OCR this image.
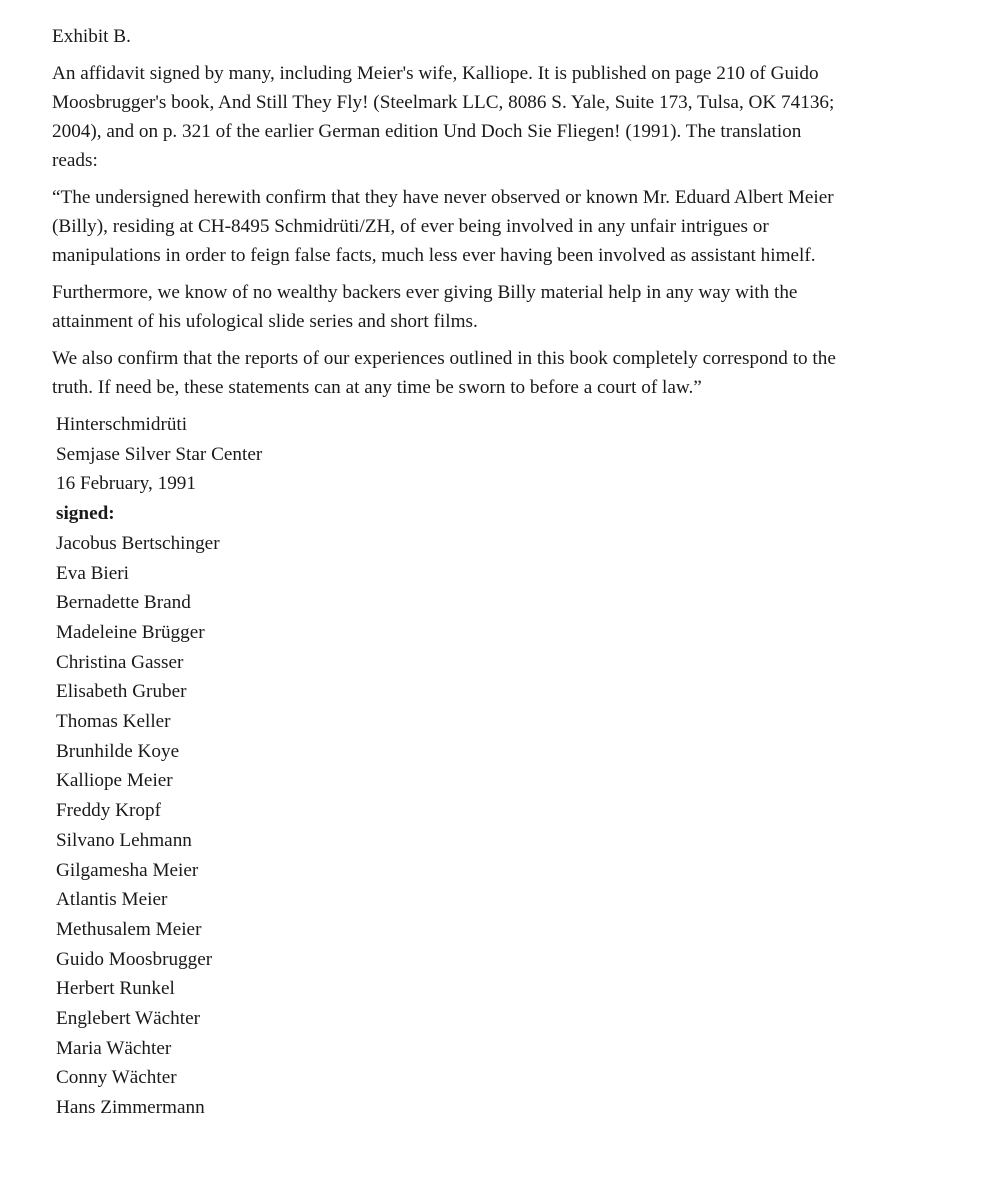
Exhibit B.
An affidavit signed by many, including Meier's wife, Kalliope. It is published on page 210 of Guido
Moosbrugger's book, And Still They Fly! (Steelmark LLC, 8086 S. Yale, Suite 173, Tulsa, OK 74136;
2004), and on p. 321 of the earlier German edition Und Doch Sie Fliegen! (1991). The translation
reads:
“The undersigned herewith confirm that they have never observed or known Mr. Eduard Albert Meier
(Billy), residing at CH-8495 Schmidrüti/ZH, of ever being involved in any unfair intrigues or
manipulations in order to feign false facts, much less ever having been involved as assistant himelf.
Furthermore, we know of no wealthy backers ever giving Billy material help in any way with the
attainment of his ufological slide series and short films.
We also confirm that the reports of our experiences outlined in this book completely correspond to the
truth. If need be, these statements can at any time be sworn to before a court of law.”
Hinterschmidrüti
Semjase Silver Star Center
16 February, 1991
signed:
Jacobus Bertschinger
Eva Bieri
Bernadette Brand
Madeleine Brügger
Christina Gasser
Elisabeth Gruber
Thomas Keller
Brunhilde Koye
Kalliope Meier
Freddy Kropf
Silvano Lehmann
Gilgamesha Meier
Atlantis Meier
Methusalem Meier
Guido Moosbrugger
Herbert Runkel
Englebert Wächter
Maria Wächter
Conny Wächter
Hans Zimmermann
